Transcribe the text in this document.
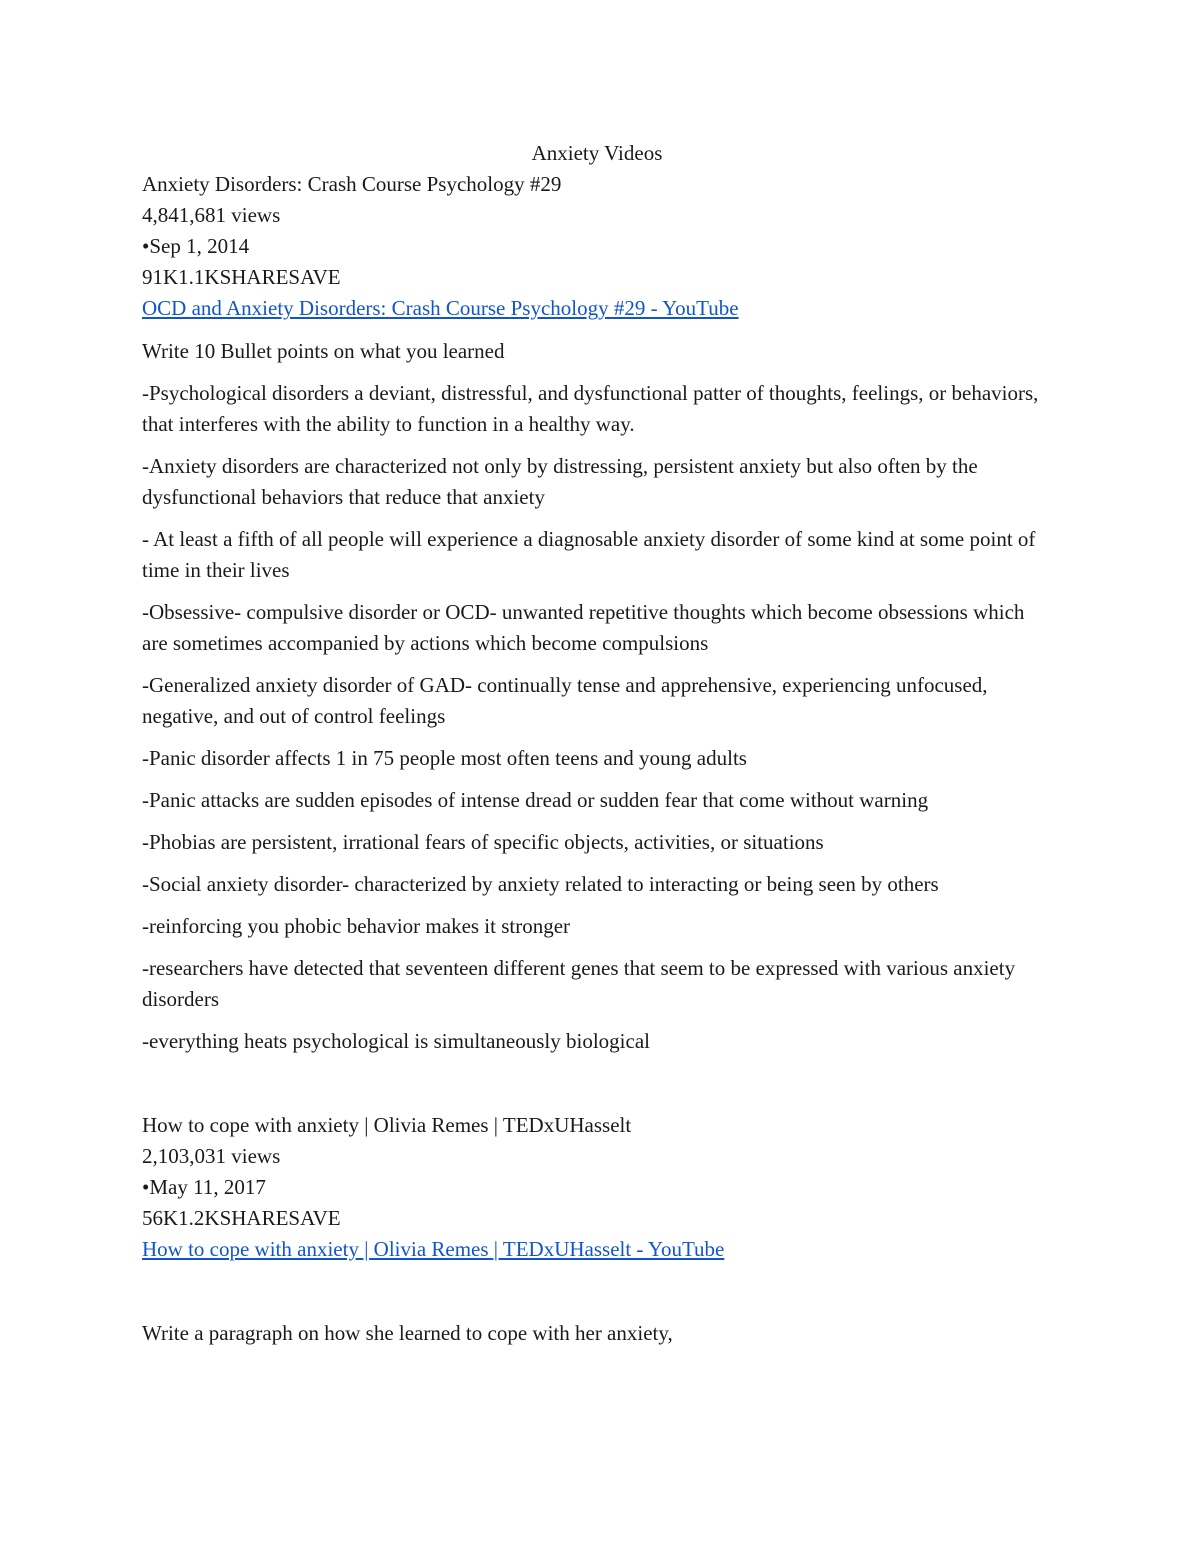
Anxiety Videos

Anxiety Disorders: Crash Course Psychology #29

4,841,681 views

•Sep 1, 2014

91K1.1KSHARESAVE

OCD and Anxiety Disorders: Crash Course Psychology #29 - YouTube

Write 10 Bullet points on what you learned

-Psychological disorders a deviant, distressful, and dysfunctional patter of thoughts, feelings, or behaviors, that interferes with the ability to function in a healthy way.

-Anxiety disorders are characterized not only by distressing, persistent anxiety but also often by the dysfunctional behaviors that reduce that anxiety

- At least a fifth of all people will experience a diagnosable anxiety disorder of some kind at some point of time in their lives

-Obsessive- compulsive disorder or OCD- unwanted repetitive thoughts which become obsessions which are sometimes accompanied by actions which become compulsions

-Generalized anxiety disorder of GAD- continually tense and apprehensive, experiencing unfocused, negative, and out of control feelings

-Panic disorder affects 1 in 75 people most often teens and young adults

-Panic attacks are sudden episodes of intense dread or sudden fear that come without warning

-Phobias are persistent, irrational fears of specific objects, activities, or situations

-Social anxiety disorder- characterized by anxiety related to interacting or being seen by others

-reinforcing you phobic behavior makes it stronger

-researchers have detected that seventeen different genes that seem to be expressed with various anxiety disorders

-everything heats psychological is simultaneously biological

How to cope with anxiety | Olivia Remes | TEDxUHasselt

2,103,031 views

•May 11, 2017

56K1.2KSHARESAVE

How to cope with anxiety | Olivia Remes | TEDxUHasselt - YouTube

Write a paragraph on how she learned to cope with her anxiety,
